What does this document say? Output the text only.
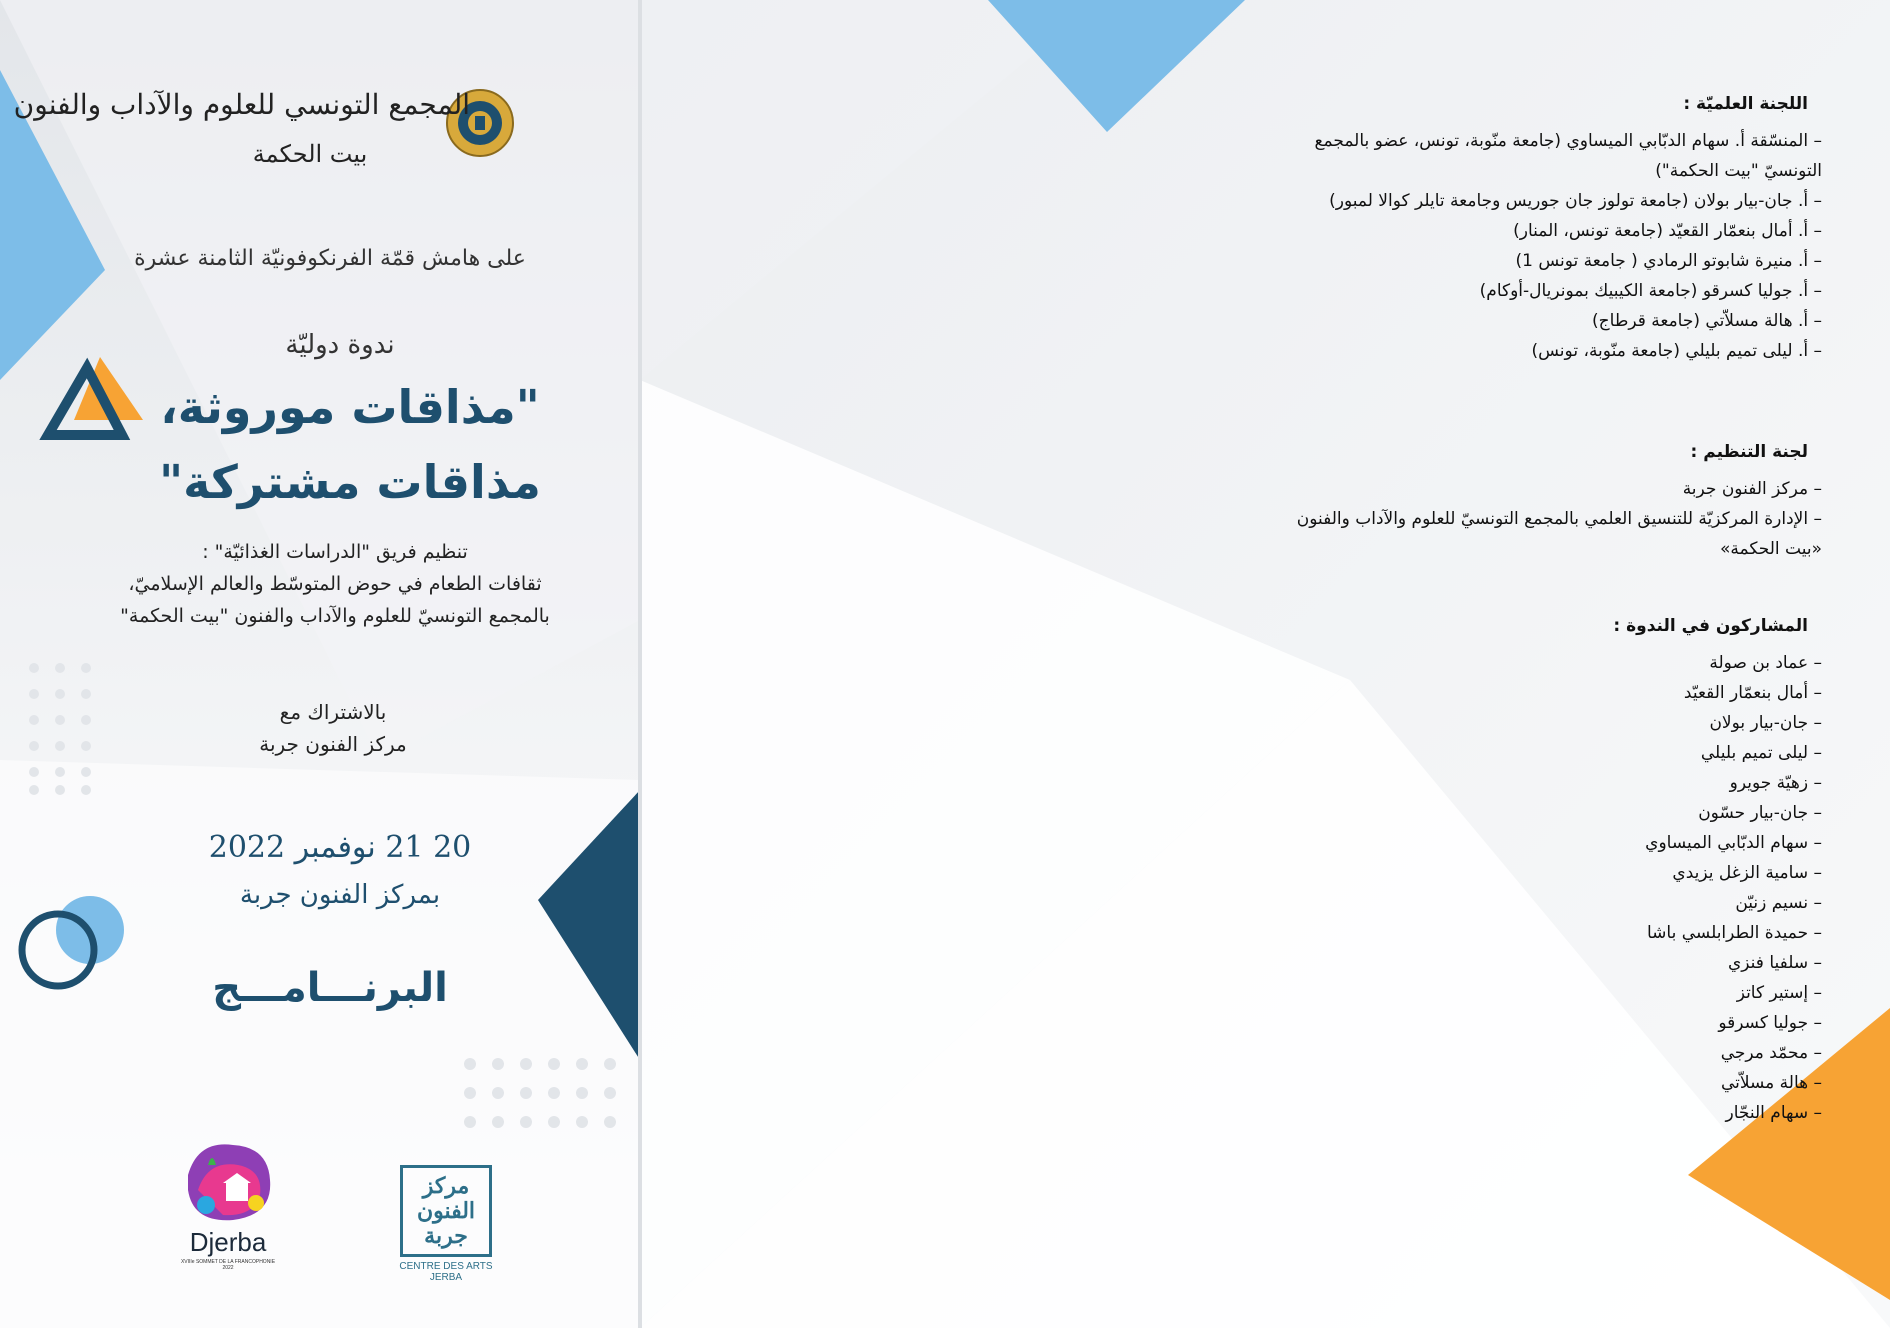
المجمع التونسي للعلوم والآداب والفنون
بيت الحكمة
على هامش قمّة الفرنكوفونيّة الثامنة عشرة
ندوة دوليّة
"مذاقات موروثة،
مذاقات مشتركة"
تنظيم فريق "الدراسات الغذائيّة" :
ثقافات الطعام في حوض المتوسّط والعالم الإسلاميّ،
بالمجمع التونسيّ للعلوم والآداب والفنون "بيت الحكمة"
بالاشتراك مع
مركز الفنون جربة
20 21 نوفمبر 2022
بمركز الفنون جربة
البرنـــامـــج
Djerba
XVIIIe SOMMET DE LA FRANCOPHONIE 2022
مركز الفنون جربة
CENTRE DES ARTS JERBA
اللجنة العلميّة :
– المنسّقة أ. سهام الدبّابي الميساوي (جامعة منّوبة، تونس، عضو بالمجمع التونسيّ "بيت الحكمة")
– أ. جان-بيار بولان (جامعة تولوز جان جوريس وجامعة تايلر كوالا لمبور)
– أ. أمال بنعمّار القعيّد (جامعة تونس، المنار)
– أ. منيرة شابوتو الرمادي ( جامعة تونس 1)
– أ. جوليا كسرقو (جامعة الكيبيك بمونريال-أوكام)
– أ. هالة مسلاّتي (جامعة قرطاج)
– أ. ليلى تميم بليلي (جامعة منّوبة، تونس)
لجنة التنظيم :
– مركز الفنون جربة
– الإدارة المركزيّة للتنسيق العلمي بالمجمع التونسيّ للعلوم والآداب والفنون «بيت الحكمة»
المشاركون في الندوة :
– عماد بن صولة
– أمال بنعمّار القعيّد
– جان-بيار بولان
– ليلى تميم بليلي
– زهيّة جويرو
– جان-بيار حسّون
– سهام الدبّابي الميساوي
– سامية الزغل يزيدي
– نسيم زنيّن
– حميدة الطرابلسي باشا
– سلفيا فنزي
– إستير كاتز
– جوليا كسرقو
– محمّد مرجي
– هالة مسلاّتي
– سهام النجّار
